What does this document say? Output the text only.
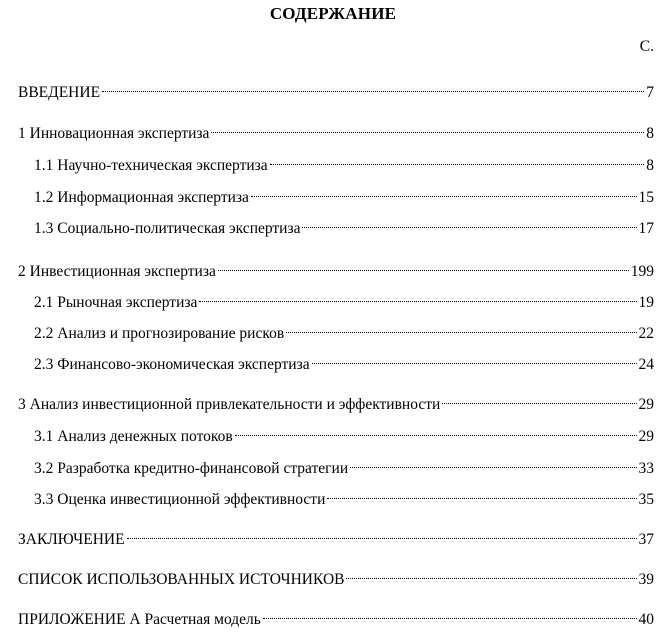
СОДЕРЖАНИЕ
С.
ВВЕДЕНИЕ	7
1 Инновационная экспертиза	8
1.1 Научно-техническая экспертиза	8
1.2 Информационная экспертиза	15
1.3 Социально-политическая экспертиза	17
2 Инвестиционная экспертиза	199
2.1 Рыночная экспертиза	19
2.2 Анализ и прогнозирование рисков	22
2.3 Финансово-экономическая экспертиза	24
3 Анализ инвестиционной привлекательности и эффективности	29
3.1 Анализ денежных потоков	29
3.2 Разработка кредитно-финансовой стратегии	33
3.3 Оценка инвестиционной эффективности	35
ЗАКЛЮЧЕНИЕ	37
СПИСОК ИСПОЛЬЗОВАННЫХ ИСТОЧНИКОВ	39
ПРИЛОЖЕНИЕ А Расчетная модель	40
